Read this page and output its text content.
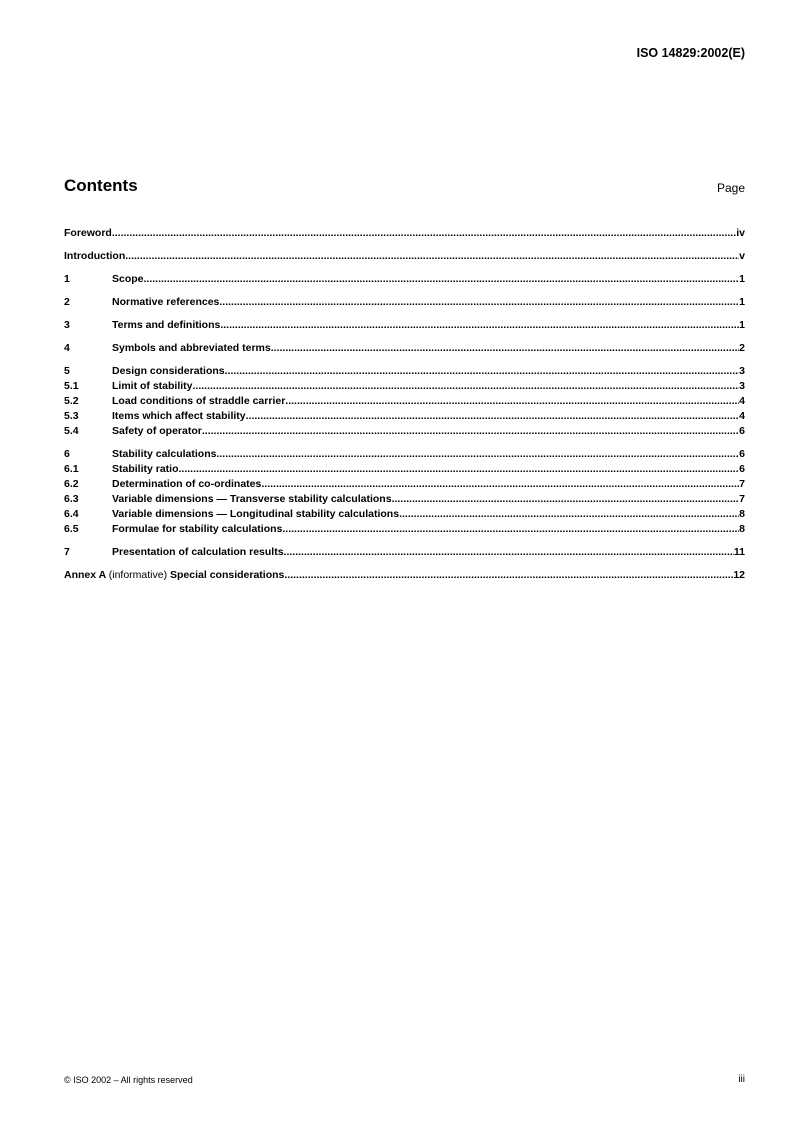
ISO 14829:2002(E)
Contents	Page
Foreword .....	iv
Introduction .....	v
1	Scope .....	1
2	Normative references .....	1
3	Terms and definitions .....	1
4	Symbols and abbreviated terms .....	2
5	Design considerations .....	3
5.1	Limit of stability .....	3
5.2	Load conditions of straddle carrier .....	4
5.3	Items which affect stability .....	4
5.4	Safety of operator .....	6
6	Stability calculations .....	6
6.1	Stability ratio .....	6
6.2	Determination of co-ordinates .....	7
6.3	Variable dimensions — Transverse stability calculations .....	7
6.4	Variable dimensions — Longitudinal stability calculations .....	8
6.5	Formulae for stability calculations .....	8
7	Presentation of calculation results .....	11
Annex A (informative) Special considerations .....	12
© ISO 2002 – All rights reserved	iii
